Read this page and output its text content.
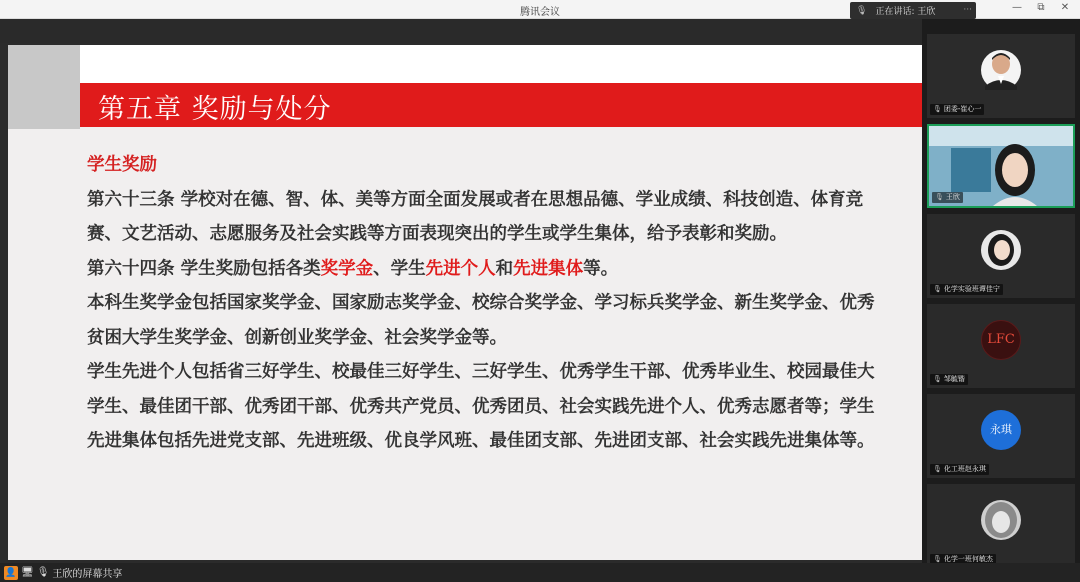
腾讯会议	🎙 正在讲话: 王欣	···	—	⧉	✕
第五章 奖励与处分
学生奖励
第六十三条 学校对在德、智、体、美等方面全面发展或者在思想品德、学业成绩、科技创造、体育竞赛、文艺活动、志愿服务及社会实践等方面表现突出的学生或学生集体，给予表彰和奖励。
第六十四条 学生奖励包括各类奖学金、学生先进个人和先进集体等。
本科生奖学金包括国家奖学金、国家励志奖学金、校综合奖学金、学习标兵奖学金、新生奖学金、优秀贫困大学生奖学金、创新创业奖学金、社会奖学金等。
学生先进个人包括省三好学生、校最佳三好学生、三好学生、优秀学生干部、优秀毕业生、校园最佳大学生、最佳团干部、优秀团干部、优秀共产党员、优秀团员、社会实践先进个人、优秀志愿者等；学生先进集体包括先进党支部、先进班级、优良学风班、最佳团支部、先进团支部、社会实践先进集体等。
🎙 团委-崔心一
🎙 王欣
🎙 化学实验班谭佳宁
LFC
🎙 邹毓锴
永琪
🎙 化工班赵永琪
🎙 化学一班何敏杰
👤 🖥 🎙 王欣的屏幕共享
